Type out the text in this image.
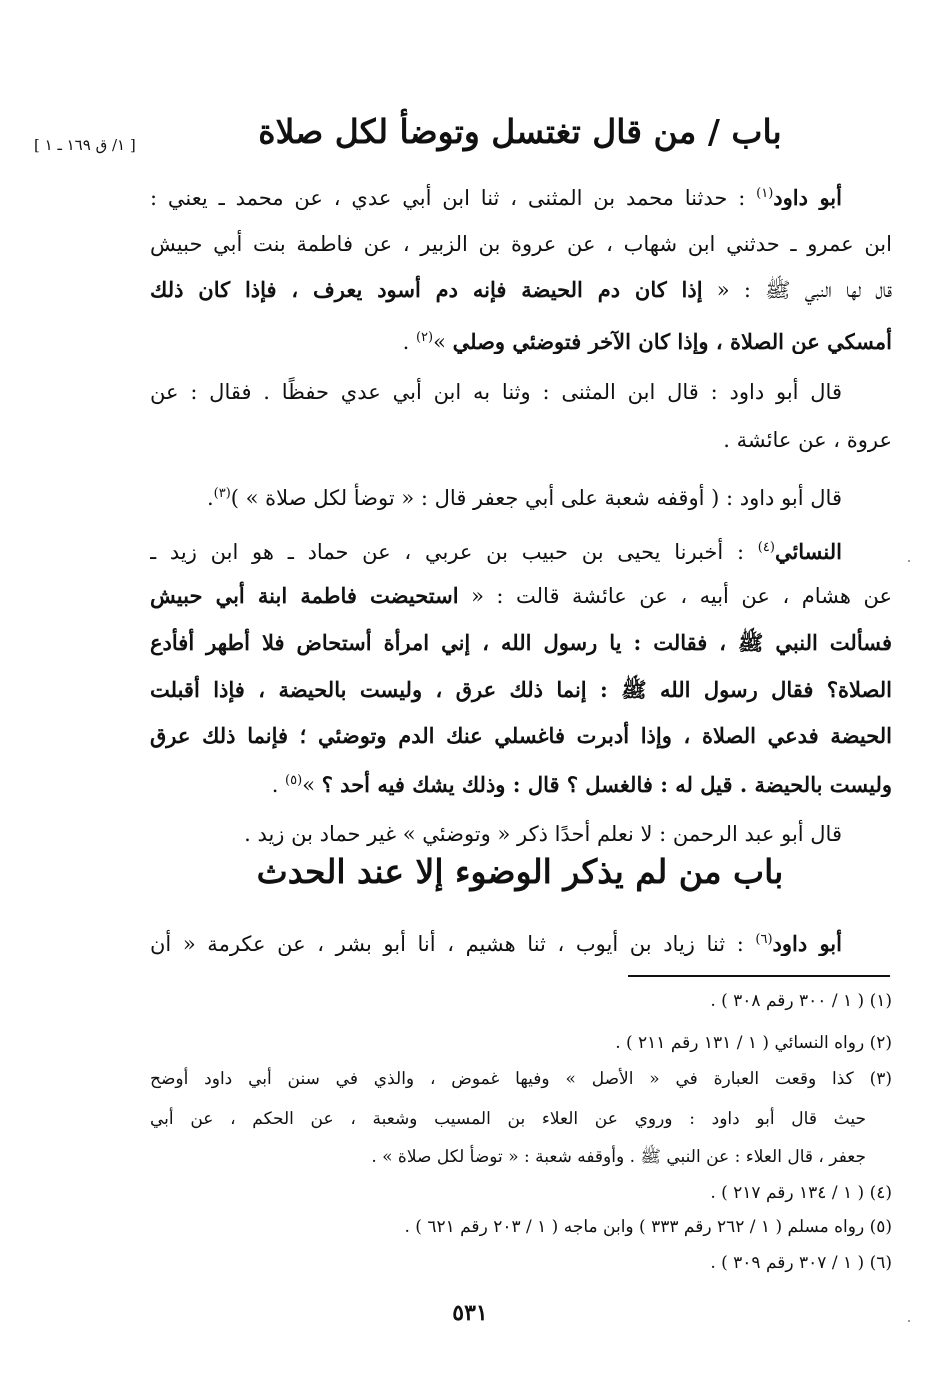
[ ١/ ق ١٦٩ ـ ١ ]	باب / من قال تغتسل وتوضأ لكل صلاة
أبو داود$^{(١)}$ : حدثنا محمد بن المثنى ، ثنا ابن أبي عدي ، عن محمد ـ يعني :
ابن عمرو ـ حدثني ابن شهاب ، عن عروة بن الزبير ، عن فاطمة بنت أبي حبيش
قال لها النبي ﷺ : « إذا كان دم الحيضة فإنه دم أسود يعرف ، فإذا كان ذلك
أمسكي عن الصلاة ، وإذا كان الآخر فتوضئي وصلي »$^{(٢)}$ .
قال أبو داود : قال ابن المثنى : وثنا به ابن أبي عدي حفظًا . فقال : عن
عروة ، عن عائشة .
قال أبو داود : ( أوقفه شعبة على أبي جعفر قال : « توضأ لكل صلاة » )$^{(٣)}$.
النسائي$^{(٤)}$ : أخبرنا يحيى بن حبيب بن عربي ، عن حماد ـ هو ابن زيد ـ
عن هشام ، عن أبيه ، عن عائشة قالت : « استحيضت فاطمة ابنة أبي حبيش
فسألت النبي ﷺ ، فقالت : يا رسول الله ، إني امرأة أستحاض فلا أطهر أفأدع
الصلاة؟ فقال رسول الله ﷺ : إنما ذلك عرق ، وليست بالحيضة ، فإذا أقبلت
الحيضة فدعي الصلاة ، وإذا أدبرت فاغسلي عنك الدم وتوضئي ؛ فإنما ذلك عرق
وليست بالحيضة . قيل له : فالغسل ؟ قال : وذلك يشك فيه أحد ؟ »$^{(٥)}$ .
قال أبو عبد الرحمن : لا نعلم أحدًا ذكر « وتوضئي » غير حماد بن زيد .
باب من لم يذكر الوضوء إلا عند الحدث
أبو داود$^{(٦)}$ : ثنا زياد بن أيوب ، ثنا هشيم ، أنا أبو بشر ، عن عكرمة « أن
(١) ( ١ / ٣٠٠ رقم ٣٠٨ ) .
(٢) رواه النسائي ( ١ / ١٣١ رقم ٢١١ ) .
(٣) كذا وقعت العبارة في « الأصل » وفيها غموض ، والذي في سنن أبي داود أوضح
حيث قال أبو داود : وروي عن العلاء بن المسيب وشعبة ، عن الحكم ، عن أبي
جعفر ، قال العلاء : عن النبي ﷺ . وأوقفه شعبة : « توضأ لكل صلاة » .
(٤) ( ١ / ١٣٤ رقم ٢١٧ ) .
(٥) رواه مسلم ( ١ / ٢٦٢ رقم ٣٣٣ ) وابن ماجه ( ١ / ٢٠٣ رقم ٦٢١ ) .
(٦) ( ١ / ٣٠٧ رقم ٣٠٩ ) .
٥٣١
